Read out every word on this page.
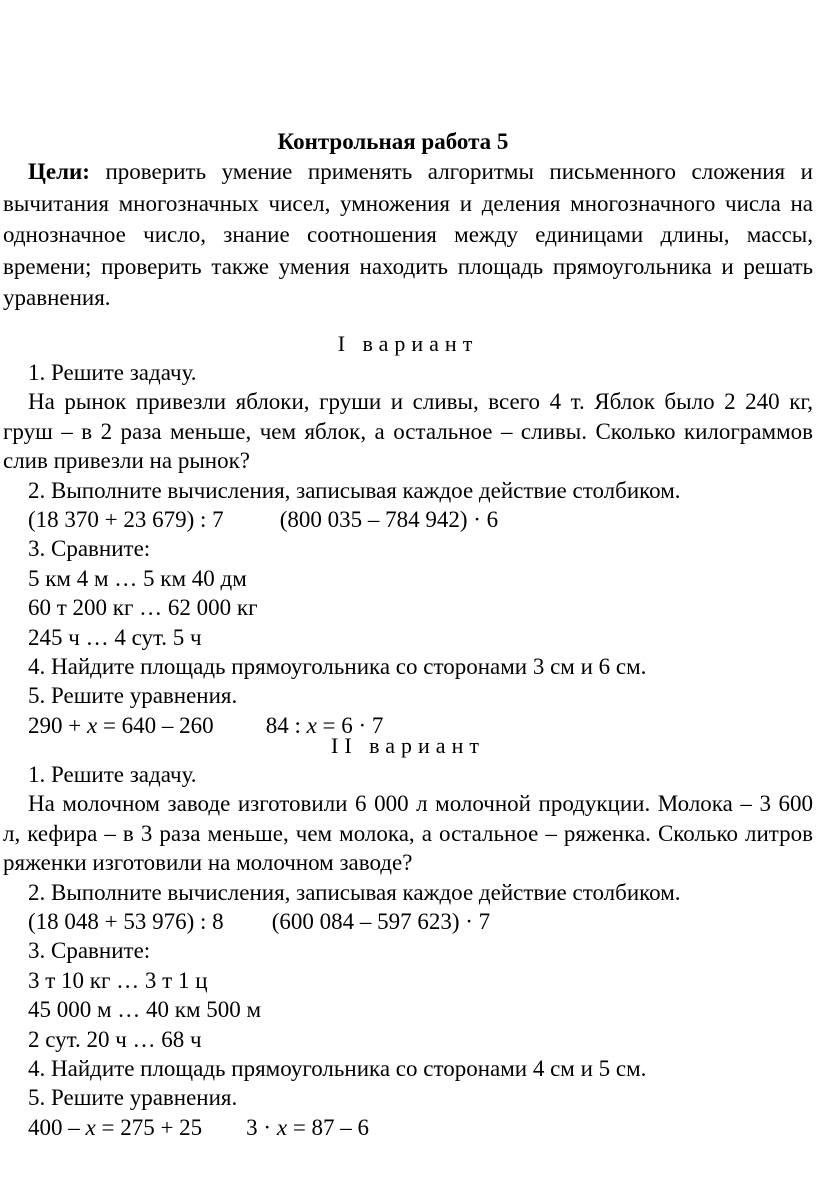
Контрольная работа 5
Цели: проверить умение применять алгоритмы письменного сложения и вычитания многозначных чисел, умножения и деления многозначного числа на однозначное число, знание соотношения между единицами длины, массы, времени; проверить также умения находить площадь прямоугольника и решать уравнения.
I вариант
1. Решите задачу.
На рынок привезли яблоки, груши и сливы, всего 4 т. Яблок было 2 240 кг, груш – в 2 раза меньше, чем яблок, а остальное – сливы. Сколько килограммов слив привезли на рынок?
2. Выполните вычисления, записывая каждое действие столбиком.
(18 370 + 23 679) : 7 (800 035 – 784 942) · 6
3. Сравните:
5 км 4 м … 5 км 40 дм
60 т 200 кг … 62 000 кг
245 ч … 4 сут. 5 ч
4. Найдите площадь прямоугольника со сторонами 3 см и 6 см.
5. Решите уравнения.
290 + x = 640 – 260 84 : x = 6 · 7
II вариант
1. Решите задачу.
На молочном заводе изготовили 6 000 л молочной продукции. Молока – 3 600 л, кефира – в 3 раза меньше, чем молока, а остальное – ряженка. Сколько литров ряженки изготовили на молочном заводе?
2. Выполните вычисления, записывая каждое действие столбиком.
(18 048 + 53 976) : 8 (600 084 – 597 623) · 7
3. Сравните:
3 т 10 кг … 3 т 1 ц
45 000 м … 40 км 500 м
2 сут. 20 ч … 68 ч
4. Найдите площадь прямоугольника со сторонами 4 см и 5 см.
5. Решите уравнения.
400 – x = 275 + 25 3 · x = 87 – 6
